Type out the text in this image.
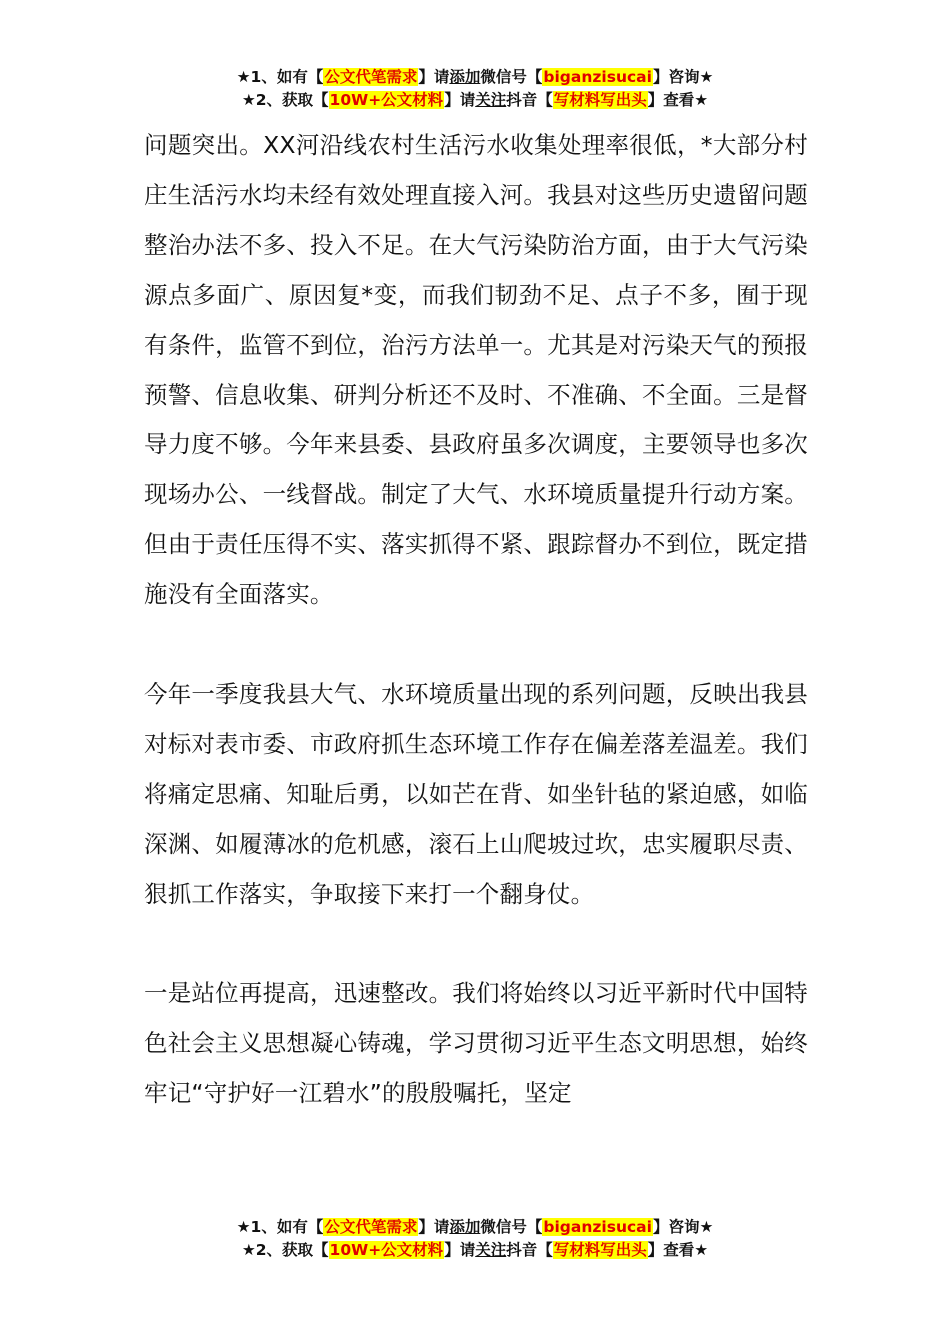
★1、如有【公文代笔需求】请添加微信号【biganzisucai】咨询★
★2、获取【10W+公文材料】请关注抖音【写材料写出头】查看★

问题突出。XX河沿线农村生活污水收集处理率很低，*大部分村庄生活污水均未经有效处理直接入河。我县对这些历史遗留问题整治办法不多、投入不足。在大气污染防治方面，由于大气污染源点多面广、原因复*变，而我们韧劲不足、点子不多，囿于现有条件，监管不到位，治污方法单一。尤其是对污染天气的预报预警、信息收集、研判分析还不及时、不准确、不全面。三是督导力度不够。今年来县委、县政府虽多次调度，主要领导也多次现场办公、一线督战。制定了大气、水环境质量提升行动方案。但由于责任压得不实、落实抓得不紧、跟踪督办不到位，既定措施没有全面落实。

今年一季度我县大气、水环境质量出现的系列问题，反映出我县对标对表市委、市政府抓生态环境工作存在偏差落差温差。我们将痛定思痛、知耻后勇，以如芒在背、如坐针毡的紧迫感，如临深渊、如履薄冰的危机感，滚石上山爬坡过坎，忠实履职尽责、狠抓工作落实，争取接下来打一个翻身仗。

一是站位再提高，迅速整改。我们将始终以习近平新时代中国特色社会主义思想凝心铸魂，学习贯彻习近平生态文明思想，始终牢记“守护好一江碧水”的殷殷嘱托，坚定

★1、如有【公文代笔需求】请添加微信号【biganzisucai】咨询★
★2、获取【10W+公文材料】请关注抖音【写材料写出头】查看★
